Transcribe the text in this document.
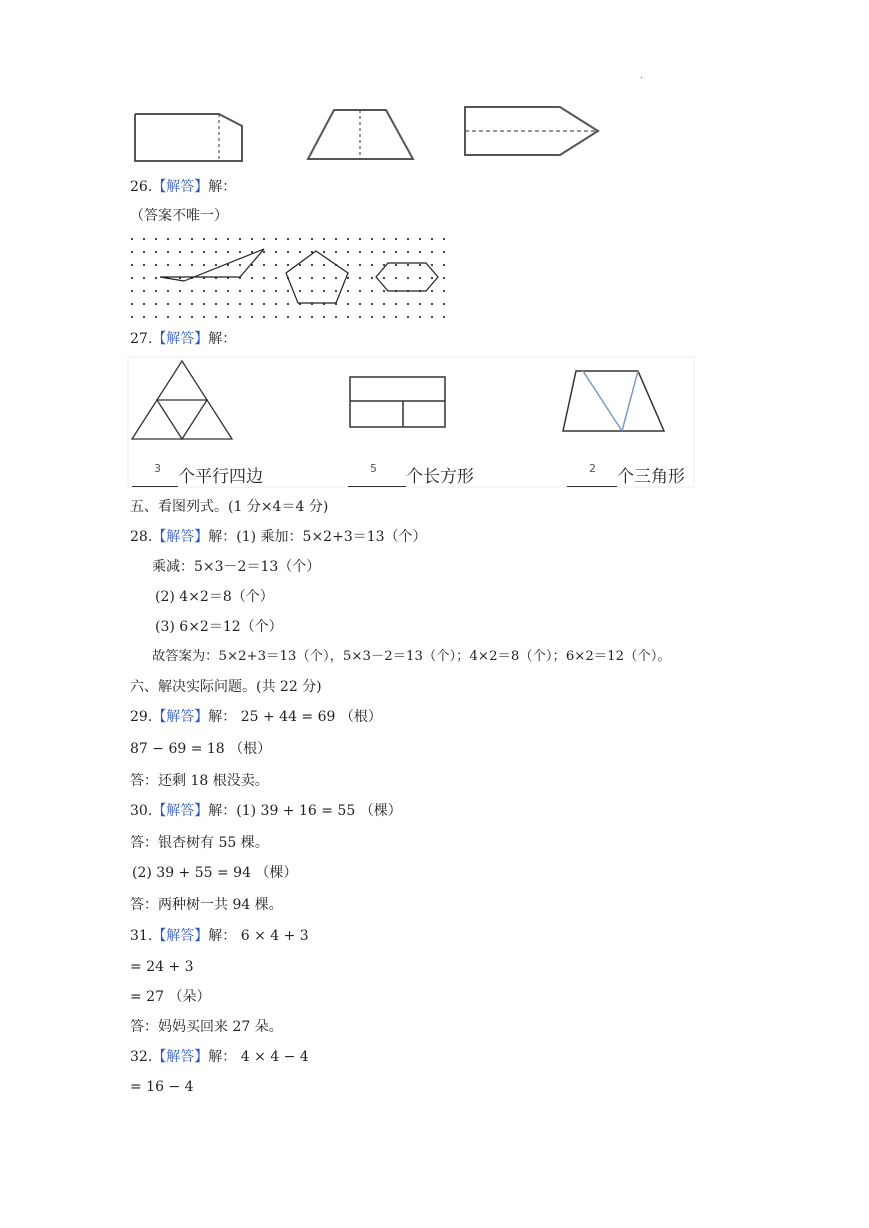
·
26.【解答】解：
（答案不唯一）
27.【解答】解：
3 个平行四边	5 个长方形	2 个三角形
五、看图列式。(1 分×4＝4 分)
28.【解答】解：(1) 乘加：5×2+3＝13（个）
乘减：5×3－2＝13（个）
(2) 4×2＝8（个）
(3) 6×2＝12（个）
故答案为：5×2+3＝13（个），5×3－2＝13（个）；4×2＝8（个）；6×2＝12（个）。
六、解决实际问题。(共 22 分)
29.【解答】解： 25 + 44 = 69 （根）
87 − 69 = 18 （根）
答：还剩 18 根没卖。
30.【解答】解：(1) 39 + 16 = 55 （棵）
答：银杏树有 55 棵。
(2) 39 + 55 = 94 （棵）
答：两种树一共 94 棵。
31.【解答】解： 6 × 4 + 3
= 24 + 3
= 27 （朵）
答：妈妈买回来 27 朵。
32.【解答】解： 4 × 4 − 4
= 16 − 4
